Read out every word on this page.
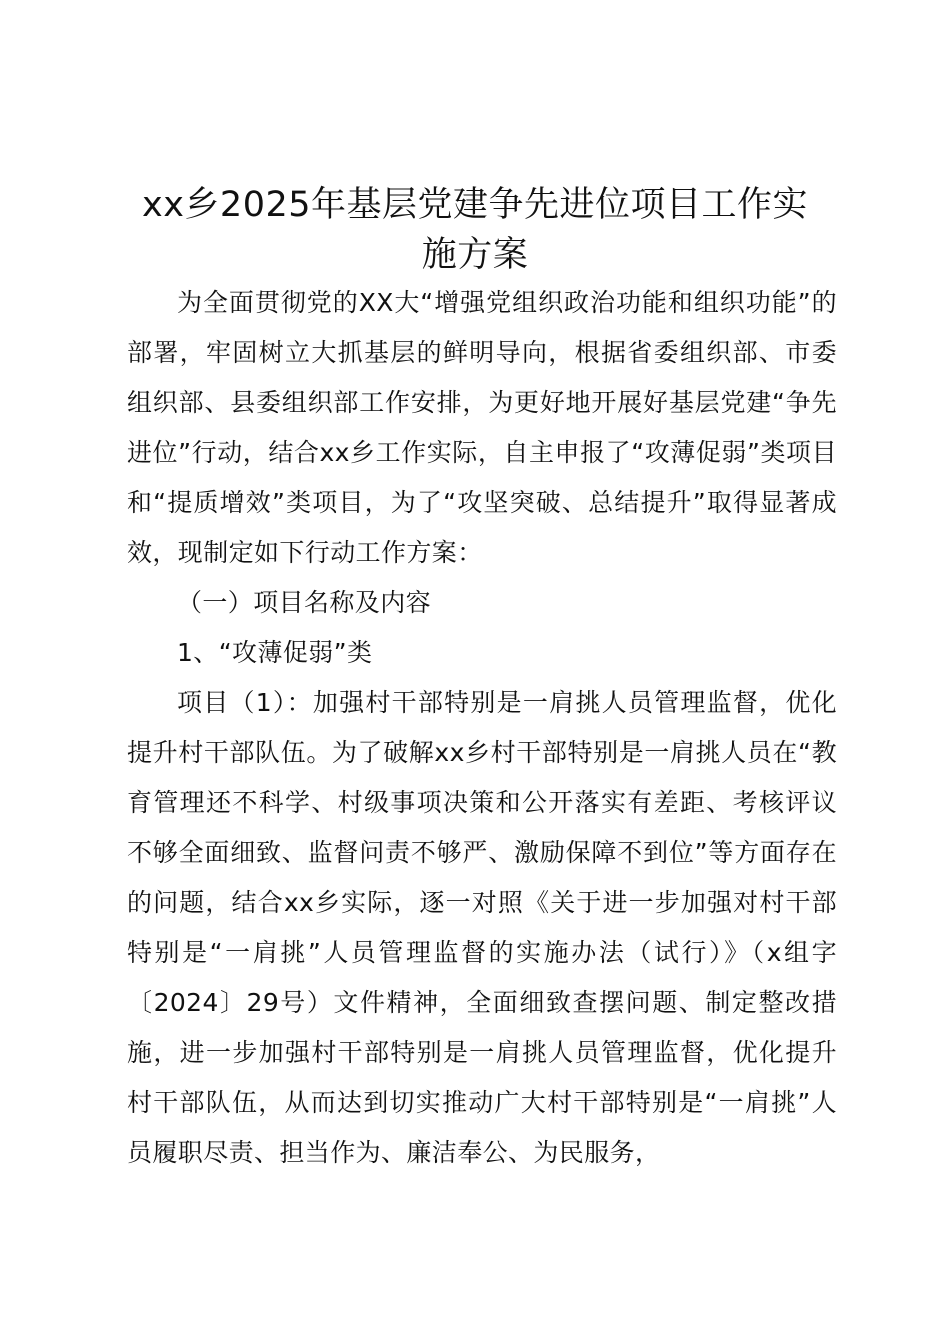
xx乡2025年基层党建争先进位项目工作实
施方案

为全面贯彻党的XX大“增强党组织政治功能和组织功能”的部署，牢固树立大抓基层的鲜明导向，根据省委组织部、市委组织部、县委组织部工作安排，为更好地开展好基层党建“争先进位”行动，结合xx乡工作实际，自主申报了“攻薄促弱”类项目和“提质增效”类项目，为了“攻坚突破、总结提升”取得显著成效，现制定如下行动工作方案：

（一）项目名称及内容

1、“攻薄促弱”类

项目（1）：加强村干部特别是一肩挑人员管理监督，优化提升村干部队伍。为了破解xx乡村干部特别是一肩挑人员在“教育管理还不科学、村级事项决策和公开落实有差距、考核评议不够全面细致、监督问责不够严、激励保障不到位”等方面存在的问题，结合xx乡实际，逐一对照《关于进一步加强对村干部特别是“一肩挑”人员管理监督的实施办法（试行）》（x组字〔2024〕29号）文件精神，全面细致查摆问题、制定整改措施，进一步加强村干部特别是一肩挑人员管理监督，优化提升村干部队伍，从而达到切实推动广大村干部特别是“一肩挑”人员履职尽责、担当作为、廉洁奉公、为民服务，
